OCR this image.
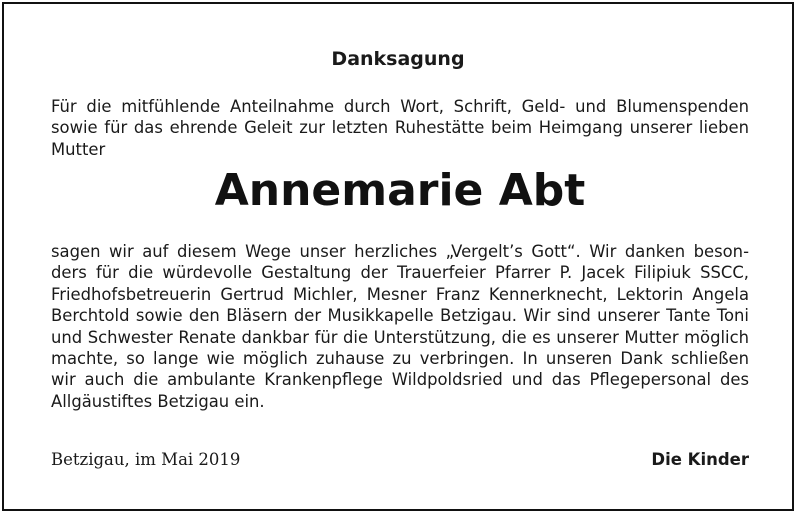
Danksagung
Für die mitfühlende Anteilnahme durch Wort, Schrift, Geld- und Blumenspenden
sowie für das ehrende Geleit zur letzten Ruhestätte beim Heimgang unserer lieben
Mutter
Annemarie Abt
sagen wir auf diesem Wege unser herzliches „Vergelt’s Gott“. Wir danken beson-
ders für die würdevolle Gestaltung der Trauerfeier Pfarrer P. Jacek Filipiuk SSCC,
Friedhofsbetreuerin Gertrud Michler, Mesner Franz Kennerknecht, Lektorin Angela
Berchtold sowie den Bläsern der Musikkapelle Betzigau. Wir sind unserer Tante Toni
und Schwester Renate dankbar für die Unterstützung, die es unserer Mutter möglich
machte, so lange wie möglich zuhause zu verbringen. In unseren Dank schließen
wir auch die ambulante Krankenpflege Wildpoldsried und das Pflegepersonal des
Allgäustiftes Betzigau ein.
Betzigau, im Mai 2019	Die Kinder
